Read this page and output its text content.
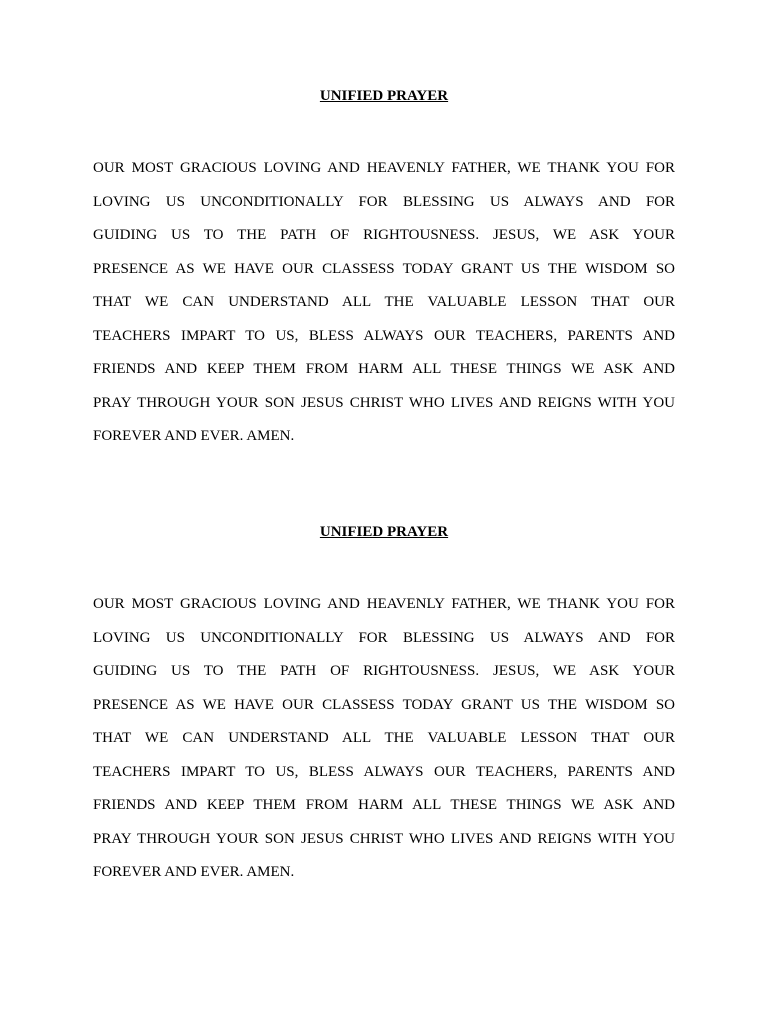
UNIFIED PRAYER
OUR MOST GRACIOUS LOVING AND HEAVENLY FATHER, WE THANK YOU FOR
LOVING US UNCONDITIONALLY FOR BLESSING US ALWAYS AND FOR
GUIDING US TO THE PATH OF RIGHTOUSNESS. JESUS, WE ASK YOUR
PRESENCE AS WE HAVE OUR CLASSESS TODAY GRANT US THE WISDOM SO
THAT WE CAN UNDERSTAND ALL THE VALUABLE LESSON THAT OUR
TEACHERS IMPART TO US, BLESS ALWAYS OUR TEACHERS, PARENTS AND
FRIENDS AND KEEP THEM FROM HARM ALL THESE THINGS WE ASK AND
PRAY THROUGH YOUR SON JESUS CHRIST WHO LIVES AND REIGNS WITH YOU
FOREVER AND EVER. AMEN.
UNIFIED PRAYER
OUR MOST GRACIOUS LOVING AND HEAVENLY FATHER, WE THANK YOU FOR
LOVING US UNCONDITIONALLY FOR BLESSING US ALWAYS AND FOR
GUIDING US TO THE PATH OF RIGHTOUSNESS. JESUS, WE ASK YOUR
PRESENCE AS WE HAVE OUR CLASSESS TODAY GRANT US THE WISDOM SO
THAT WE CAN UNDERSTAND ALL THE VALUABLE LESSON THAT OUR
TEACHERS IMPART TO US, BLESS ALWAYS OUR TEACHERS, PARENTS AND
FRIENDS AND KEEP THEM FROM HARM ALL THESE THINGS WE ASK AND
PRAY THROUGH YOUR SON JESUS CHRIST WHO LIVES AND REIGNS WITH YOU
FOREVER AND EVER. AMEN.
